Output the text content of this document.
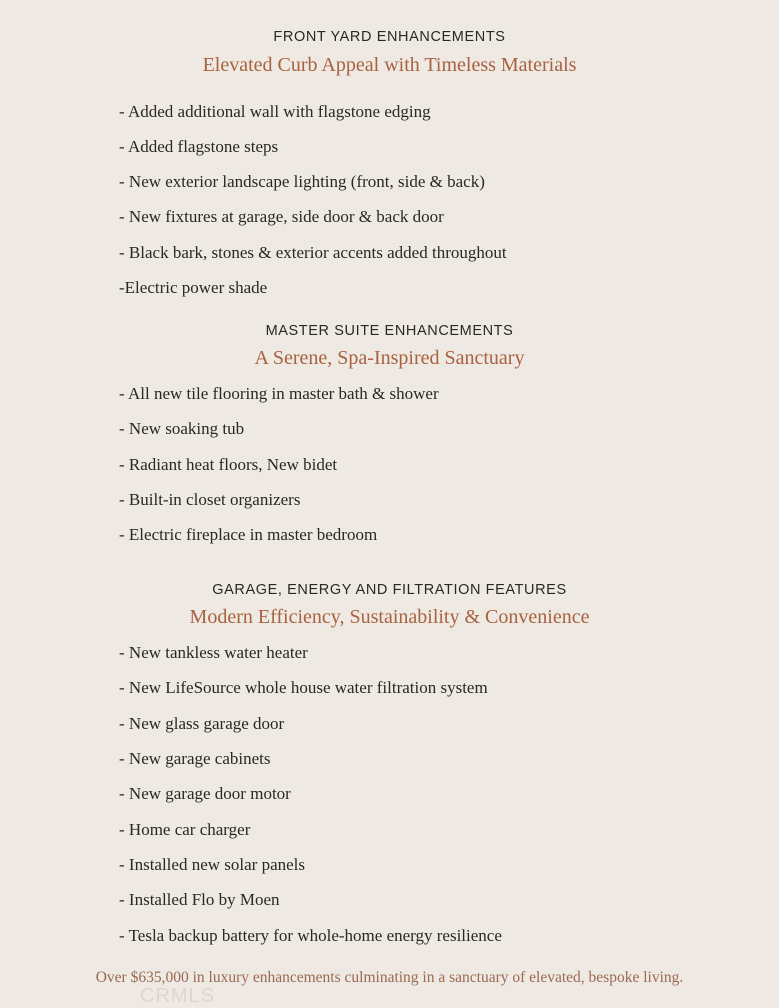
FRONT YARD ENHANCEMENTS
Elevated Curb Appeal with Timeless Materials
- Added additional wall with flagstone edging
- Added flagstone steps
- New exterior landscape lighting (front, side & back)
- New fixtures at garage, side door & back door
- Black bark, stones & exterior accents added throughout
-Electric power shade
MASTER SUITE ENHANCEMENTS
A Serene, Spa-Inspired Sanctuary
- All new tile flooring in master bath & shower
- New soaking tub
- Radiant heat floors, New bidet
- Built-in closet organizers
- Electric fireplace in master bedroom
GARAGE, ENERGY AND FILTRATION FEATURES
Modern Efficiency, Sustainability & Convenience
- New tankless water heater
- New LifeSource whole house water filtration system
- New glass garage door
- New garage cabinets
- New garage door motor
- Home car charger
- Installed new solar panels
- Installed Flo by Moen
- Tesla backup battery for whole-home energy resilience
Over $635,000 in luxury enhancements culminating in a sanctuary of elevated, bespoke living.
CRMLS
